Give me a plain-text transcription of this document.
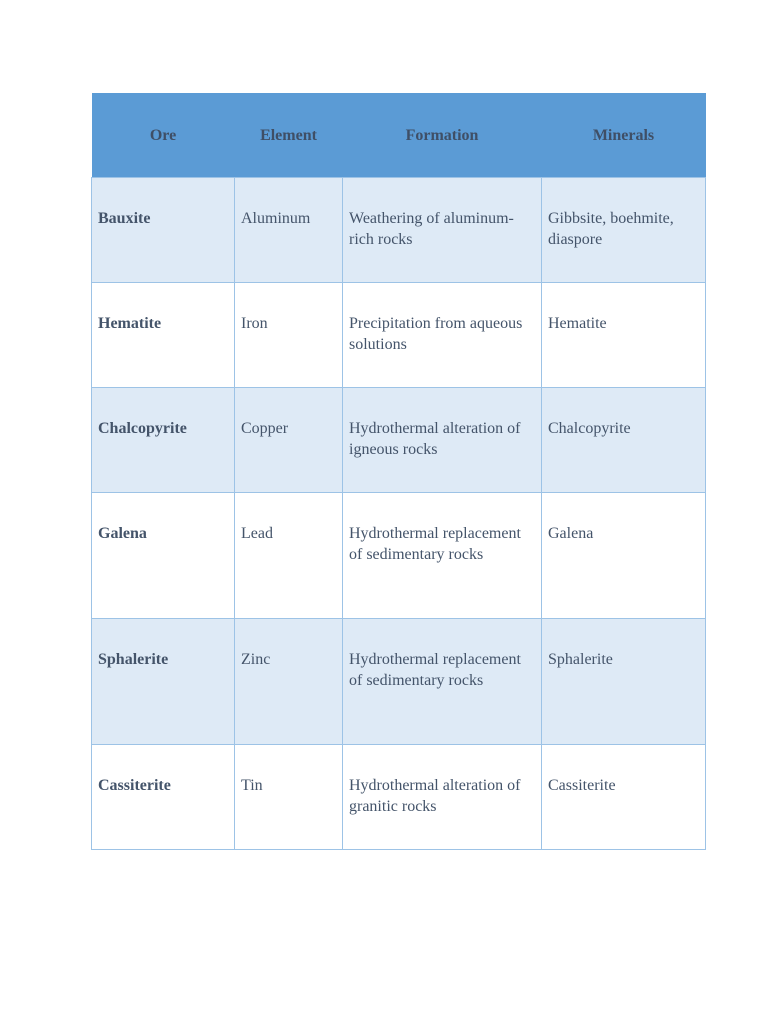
Ore	Element	Formation	Minerals
Bauxite	Aluminum	Weathering of aluminum-rich rocks	Gibbsite, boehmite, diaspore
Hematite	Iron	Precipitation from aqueous solutions	Hematite
Chalcopyrite	Copper	Hydrothermal alteration of igneous rocks	Chalcopyrite
Galena	Lead	Hydrothermal replacement of sedimentary rocks	Galena
Sphalerite	Zinc	Hydrothermal replacement of sedimentary rocks	Sphalerite
Cassiterite	Tin	Hydrothermal alteration of granitic rocks	Cassiterite
